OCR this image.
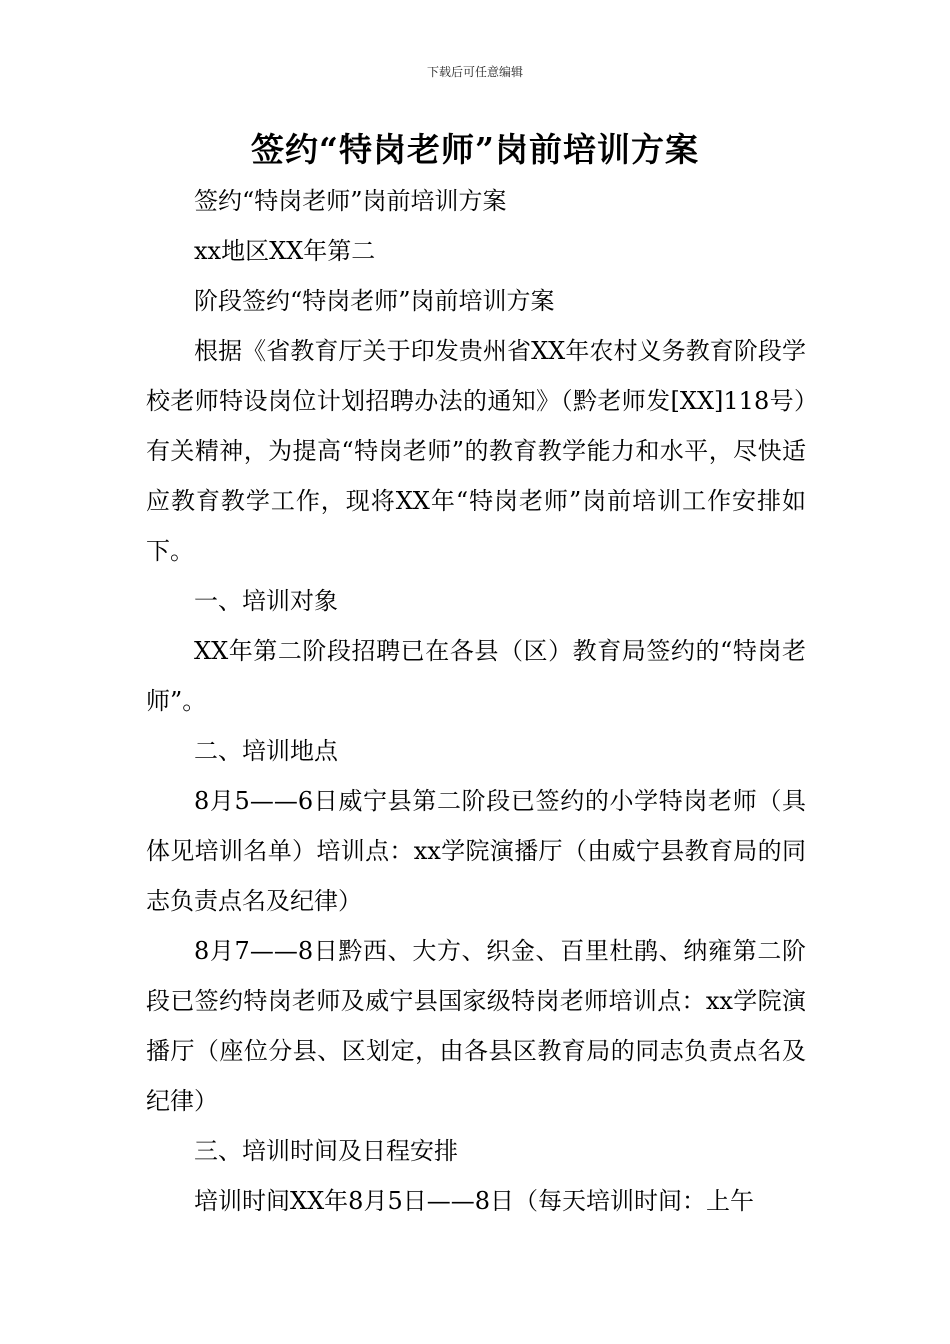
下载后可任意编辑
签约“特岗老师”岗前培训方案

签约“特岗老师”岗前培训方案

xx地区XX年第二

阶段签约“特岗老师”岗前培训方案

根据《省教育厅关于印发贵州省XX年农村义务教育阶段学校老师特设岗位计划招聘办法的通知》（黔老师发[XX]118号）有关精神，为提高“特岗老师”的教育教学能力和水平，尽快适应教育教学工作，现将XX年“特岗老师”岗前培训工作安排如下。

一、培训对象

XX年第二阶段招聘已在各县（区）教育局签约的“特岗老师”。

二、培训地点

8月5——6日威宁县第二阶段已签约的小学特岗老师（具体见培训名单）培训点：xx学院演播厅（由威宁县教育局的同志负责点名及纪律）

8月7——8日黔西、大方、织金、百里杜鹃、纳雍第二阶段已签约特岗老师及威宁县国家级特岗老师培训点：xx学院演播厅（座位分县、区划定，由各县区教育局的同志负责点名及纪律）

三、培训时间及日程安排

培训时间XX年8月5日——8日（每天培训时间：上午
